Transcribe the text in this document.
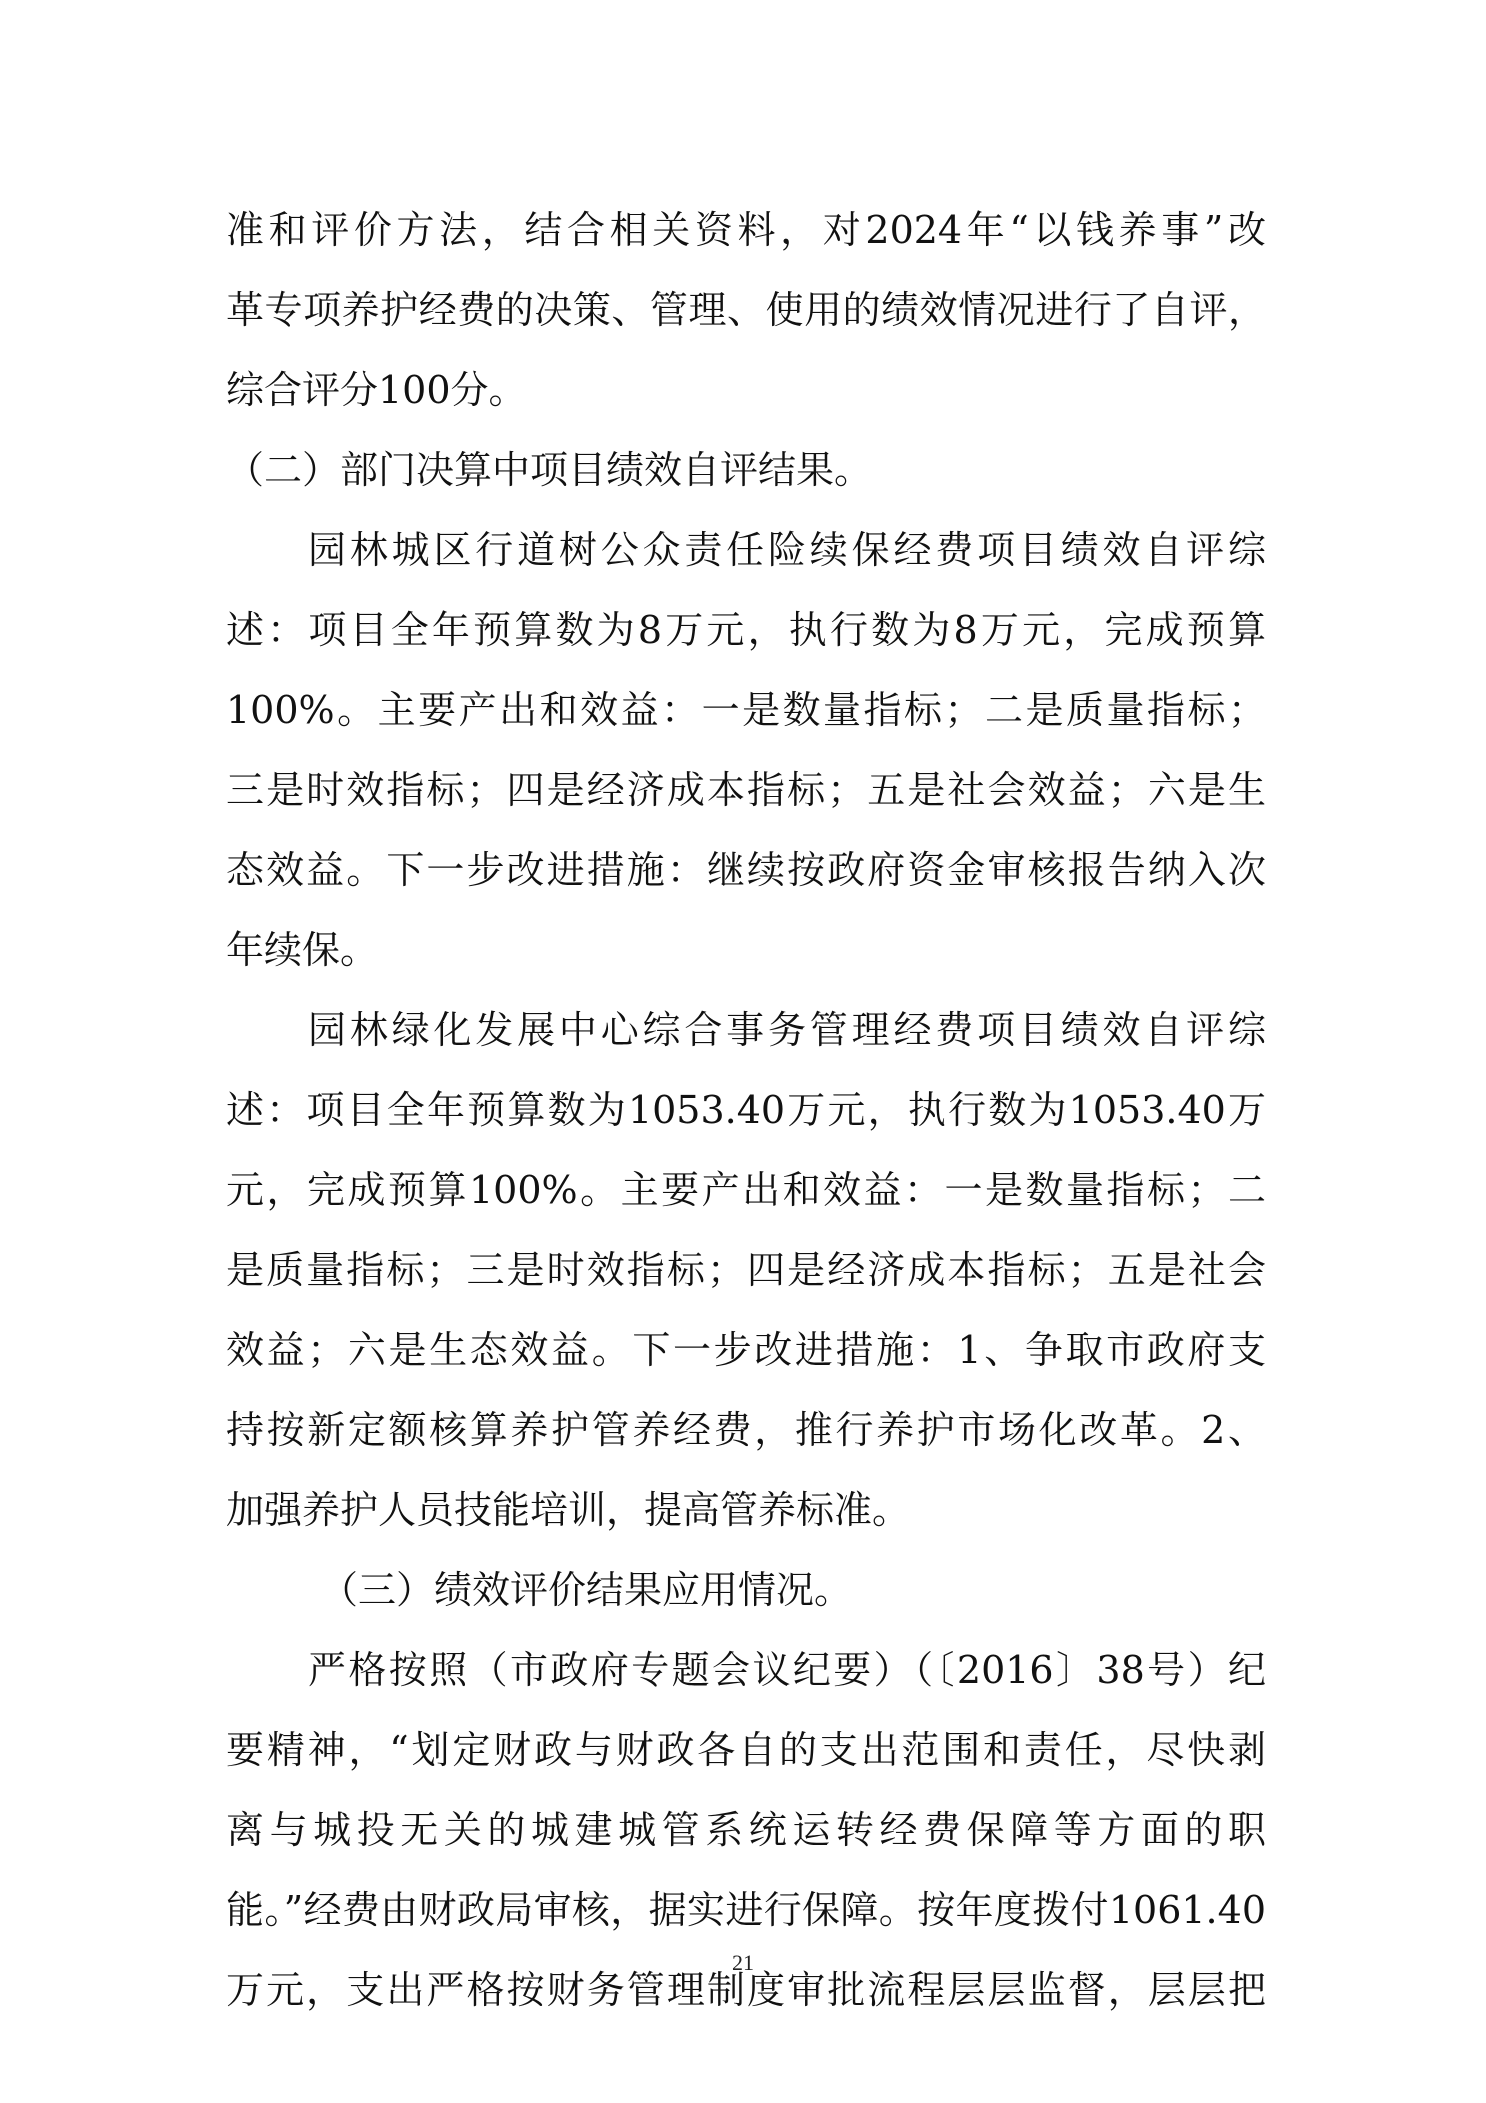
准和评价方法，结合相关资料，对2024年“以钱养事”改
革专项养护经费的决策、管理、使用的绩效情况进行了自评，
综合评分100分。
（二）部门决算中项目绩效自评结果。
园林城区行道树公众责任险续保经费项目绩效自评综
述：项目全年预算数为8万元，执行数为8万元，完成预算
100%。主要产出和效益：一是数量指标；二是质量指标；
三是时效指标；四是经济成本指标；五是社会效益；六是生
态效益。下一步改进措施：继续按政府资金审核报告纳入次
年续保。
园林绿化发展中心综合事务管理经费项目绩效自评综
述：项目全年预算数为1053.40万元，执行数为1053.40万
元，完成预算100%。主要产出和效益：一是数量指标；二
是质量指标；三是时效指标；四是经济成本指标；五是社会
效益；六是生态效益。下一步改进措施：1、争取市政府支
持按新定额核算养护管养经费，推行养护市场化改革。2、
加强养护人员技能培训，提高管养标准。
（三）绩效评价结果应用情况。
严格按照（市政府专题会议纪要）（〔2016〕38号）纪
要精神，“划定财政与财政各自的支出范围和责任，尽快剥
离与城投无关的城建城管系统运转经费保障等方面的职
能。”经费由财政局审核，据实进行保障。按年度拨付1061.40
万元，支出严格按财务管理制度审批流程层层监督，层层把
21
